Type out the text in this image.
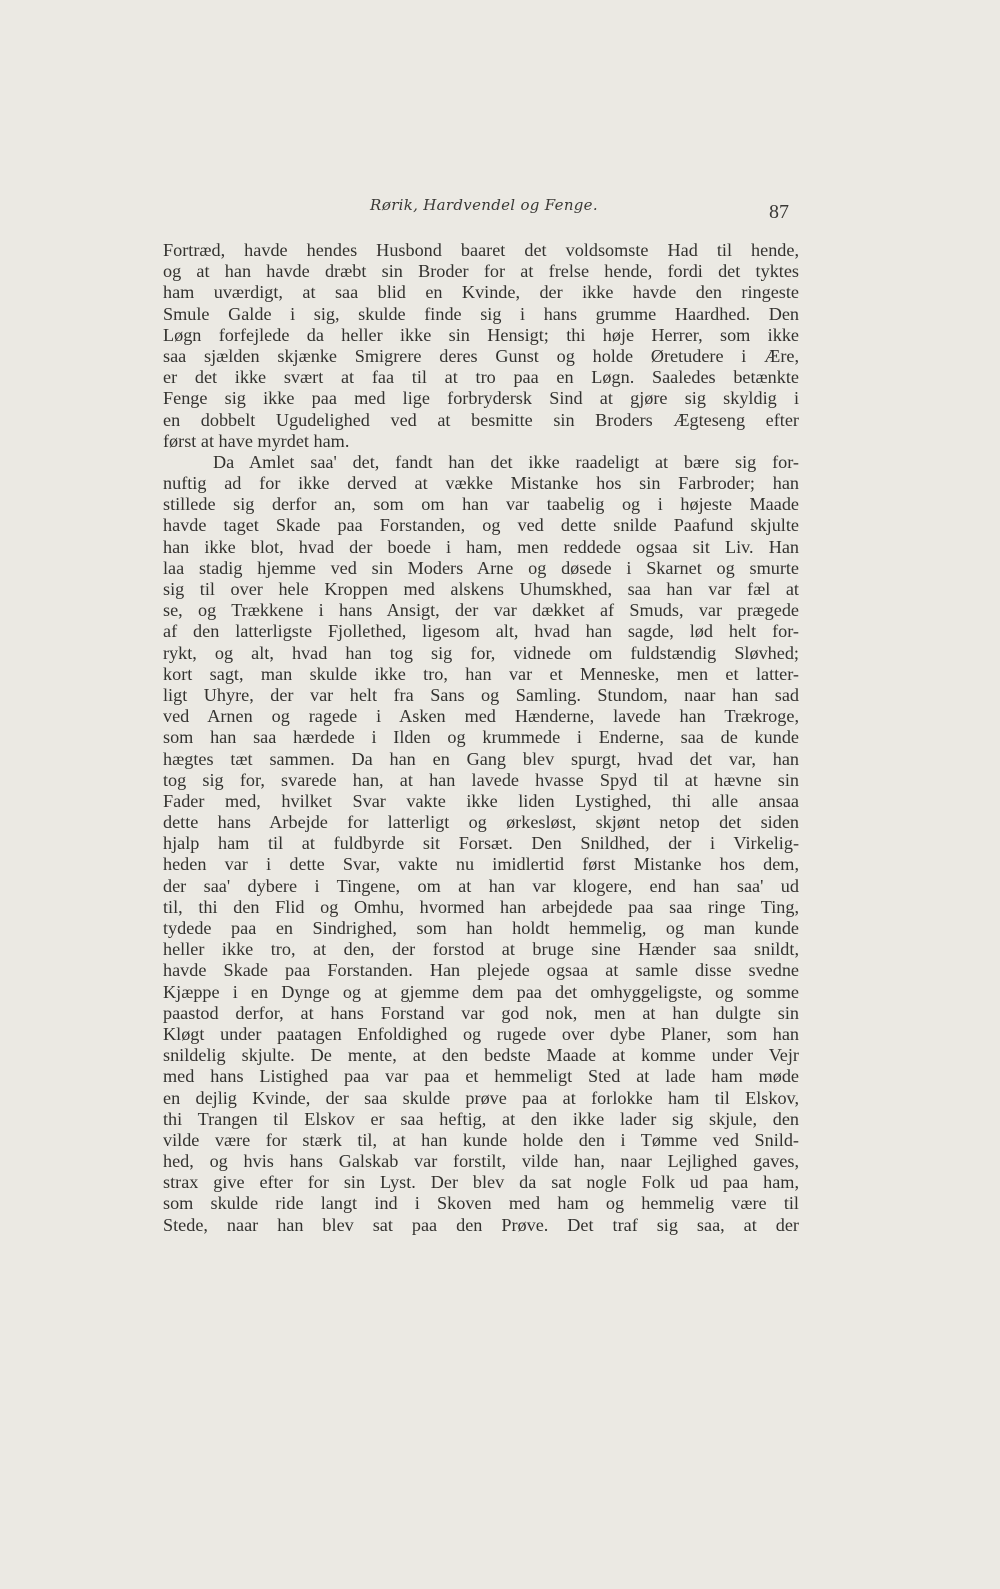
Rørik, Hardvendel og Fenge.	87
Fortræd, havde hendes Husbond baaret det voldsomste Had til hende,
og at han havde dræbt sin Broder for at frelse hende, fordi det tyktes
ham uværdigt, at saa blid en Kvinde, der ikke havde den ringeste
Smule Galde i sig, skulde finde sig i hans grumme Haardhed. Den
Løgn forfejlede da heller ikke sin Hensigt; thi høje Herrer, som ikke
saa sjælden skjænke Smigrere deres Gunst og holde Øretudere i Ære,
er det ikke svært at faa til at tro paa en Løgn. Saaledes betænkte
Fenge sig ikke paa med lige forbrydersk Sind at gjøre sig skyldig i
en dobbelt Ugudelighed ved at besmitte sin Broders Ægteseng efter
først at have myrdet ham.
Da Amlet saa' det, fandt han det ikke raadeligt at bære sig for-
nuftig ad for ikke derved at vække Mistanke hos sin Farbroder; han
stillede sig derfor an, som om han var taabelig og i højeste Maade
havde taget Skade paa Forstanden, og ved dette snilde Paafund skjulte
han ikke blot, hvad der boede i ham, men reddede ogsaa sit Liv. Han
laa stadig hjemme ved sin Moders Arne og døsede i Skarnet og smurte
sig til over hele Kroppen med alskens Uhumskhed, saa han var fæl at
se, og Trækkene i hans Ansigt, der var dækket af Smuds, var prægede
af den latterligste Fjollethed, ligesom alt, hvad han sagde, lød helt for-
rykt, og alt, hvad han tog sig for, vidnede om fuldstændig Sløvhed;
kort sagt, man skulde ikke tro, han var et Menneske, men et latter-
ligt Uhyre, der var helt fra Sans og Samling. Stundom, naar han sad
ved Arnen og ragede i Asken med Hænderne, lavede han Trækroge,
som han saa hærdede i Ilden og krummede i Enderne, saa de kunde
hægtes tæt sammen. Da han en Gang blev spurgt, hvad det var, han
tog sig for, svarede han, at han lavede hvasse Spyd til at hævne sin
Fader med, hvilket Svar vakte ikke liden Lystighed, thi alle ansaa
dette hans Arbejde for latterligt og ørkesløst, skjønt netop det siden
hjalp ham til at fuldbyrde sit Forsæt. Den Snildhed, der i Virkelig-
heden var i dette Svar, vakte nu imidlertid først Mistanke hos dem,
der saa' dybere i Tingene, om at han var klogere, end han saa' ud
til, thi den Flid og Omhu, hvormed han arbejdede paa saa ringe Ting,
tydede paa en Sindrighed, som han holdt hemmelig, og man kunde
heller ikke tro, at den, der forstod at bruge sine Hænder saa snildt,
havde Skade paa Forstanden. Han plejede ogsaa at samle disse svedne
Kjæppe i en Dynge og at gjemme dem paa det omhyggeligste, og somme
paastod derfor, at hans Forstand var god nok, men at han dulgte sin
Kløgt under paatagen Enfoldighed og rugede over dybe Planer, som han
snildelig skjulte. De mente, at den bedste Maade at komme under Vejr
med hans Listighed paa var paa et hemmeligt Sted at lade ham møde
en dejlig Kvinde, der saa skulde prøve paa at forlokke ham til Elskov,
thi Trangen til Elskov er saa heftig, at den ikke lader sig skjule, den
vilde være for stærk til, at han kunde holde den i Tømme ved Snild-
hed, og hvis hans Galskab var forstilt, vilde han, naar Lejlighed gaves,
strax give efter for sin Lyst. Der blev da sat nogle Folk ud paa ham,
som skulde ride langt ind i Skoven med ham og hemmelig være til
Stede, naar han blev sat paa den Prøve. Det traf sig saa, at der
